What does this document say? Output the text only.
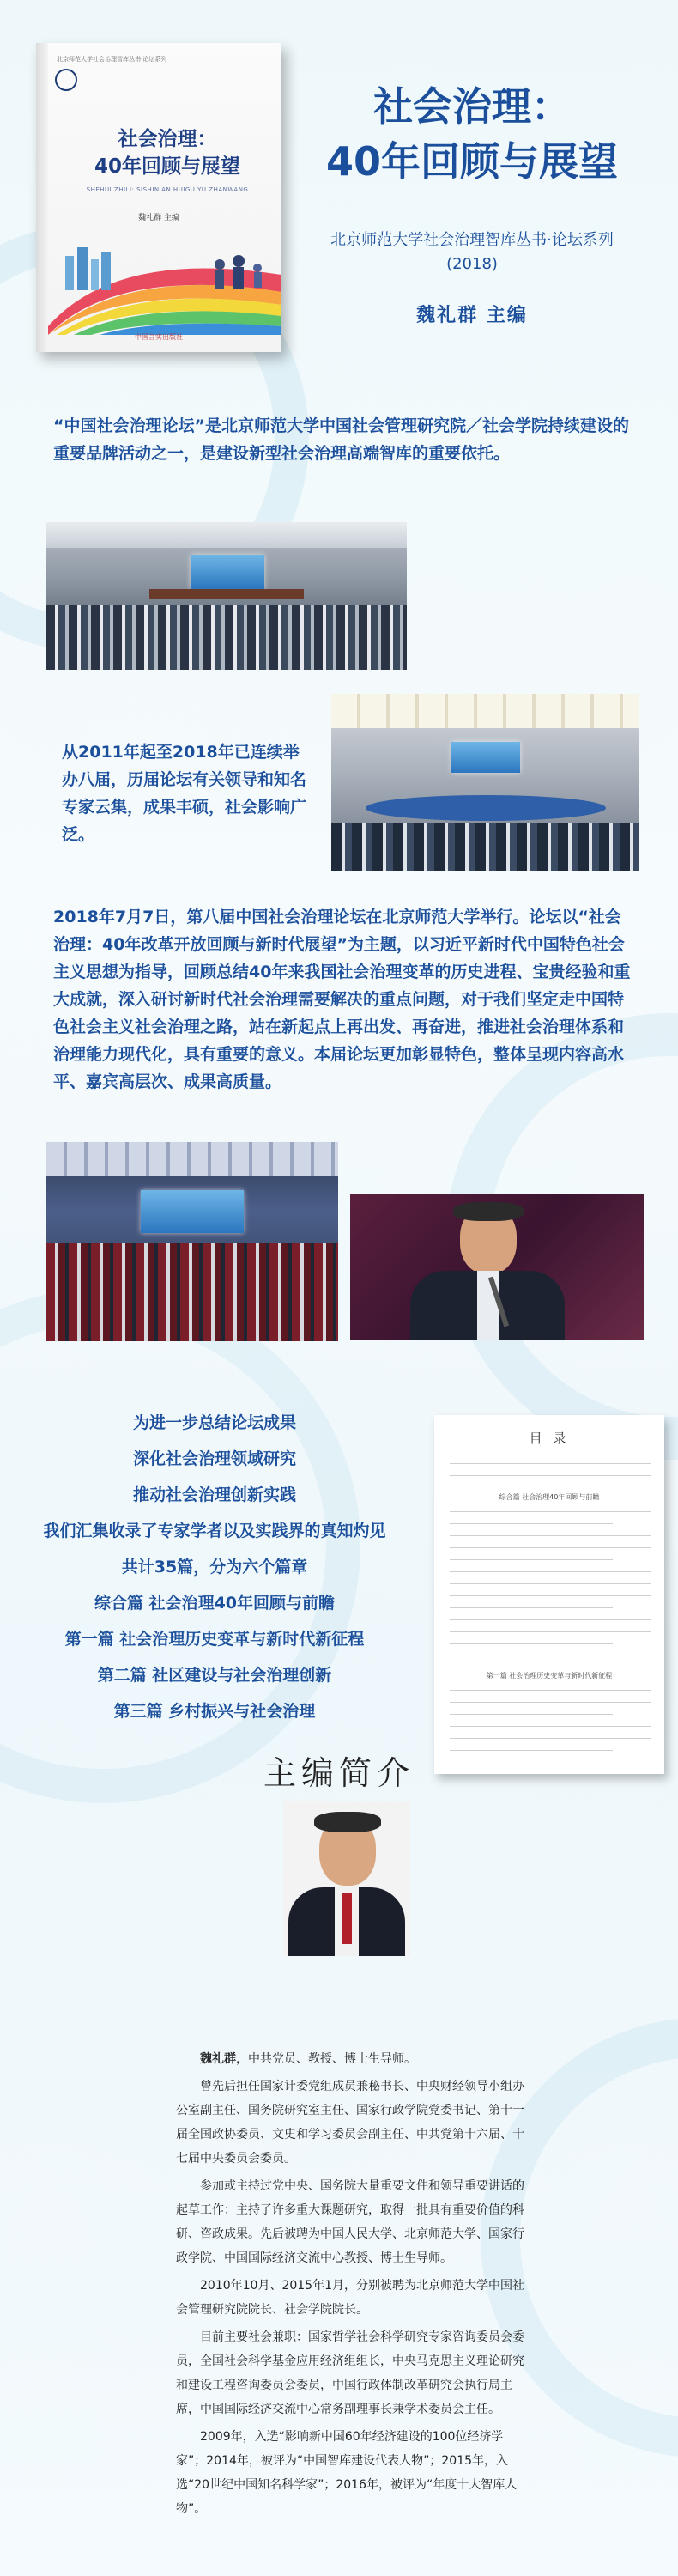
北京师范大学社会治理智库丛书·论坛系列
社会治理：
40年回顾与展望
SHEHUI ZHILI: SISHINIAN HUIGU YU ZHANWANG
魏礼群 主编
中国言实出版社
社会治理：
40年回顾与展望
北京师范大学社会治理智库丛书·论坛系列
(2018)
魏礼群 主编
“中国社会治理论坛”是北京师范大学中国社会管理研究院／社会学院持续建设的重要品牌活动之一，是建设新型社会治理高端智库的重要依托。
从2011年起至2018年已连续举办八届，历届论坛有关领导和知名专家云集，成果丰硕，社会影响广泛。
2018年7月7日，第八届中国社会治理论坛在北京师范大学举行。论坛以“社会治理：40年改革开放回顾与新时代展望”为主题，以习近平新时代中国特色社会主义思想为指导，回顾总结40年来我国社会治理变革的历史进程、宝贵经验和重大成就，深入研讨新时代社会治理需要解决的重点问题，对于我们坚定走中国特色社会主义社会治理之路，站在新起点上再出发、再奋进，推进社会治理体系和治理能力现代化，具有重要的意义。本届论坛更加彰显特色，整体呈现内容高水平、嘉宾高层次、成果高质量。
为进一步总结论坛成果
深化社会治理领域研究
推动社会治理创新实践
我们汇集收录了专家学者以及实践界的真知灼见
共计35篇，分为六个篇章
综合篇 社会治理40年回顾与前瞻
第一篇 社会治理历史变革与新时代新征程
第二篇 社区建设与社会治理创新
第三篇 乡村振兴与社会治理
目 录
综合篇 社会治理40年回顾与前瞻
第一篇 社会治理历史变革与新时代新征程
主编简介

魏礼群，中共党员、教授、博士生导师。

曾先后担任国家计委党组成员兼秘书长、中央财经领导小组办公室副主任、国务院研究室主任、国家行政学院党委书记、第十一届全国政协委员、文史和学习委员会副主任、中共党第十六届、十七届中央委员会委员。

参加或主持过党中央、国务院大量重要文件和领导重要讲话的起草工作；主持了许多重大课题研究，取得一批具有重要价值的科研、咨政成果。先后被聘为中国人民大学、北京师范大学、国家行政学院、中国国际经济交流中心教授、博士生导师。

2010年10月、2015年1月，分别被聘为北京师范大学中国社会管理研究院院长、社会学院院长。

目前主要社会兼职：国家哲学社会科学研究专家咨询委员会委员，全国社会科学基金应用经济组组长，中央马克思主义理论研究和建设工程咨询委员会委员，中国行政体制改革研究会执行局主席，中国国际经济交流中心常务副理事长兼学术委员会主任。

2009年，入选“影响新中国60年经济建设的100位经济学家”；2014年，被评为“中国智库建设代表人物”；2015年，入选“20世纪中国知名科学家”；2016年，被评为“年度十大智库人物”。
